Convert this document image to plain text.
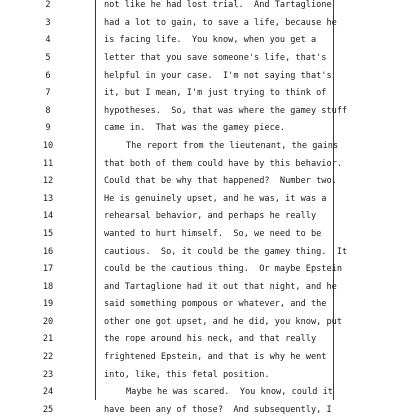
2	not like he had lost trial.  And Tartaglione
3	had a lot to gain, to save a life, because he
4	is facing life.  You know, when you get a
5	letter that you save someone's life, that's
6	helpful in your case.  I'm not saying that's
7	it, but I mean, I'm just trying to think of
8	hypotheses.  So, that was where the gamey stuff
9	came in.  That was the gamey piece.
10	The report from the lieutenant, the gains
11	that both of them could have by this behavior.
12	Could that be why that happened?  Number two.
13	He is genuinely upset, and he was, it was a
14	rehearsal behavior, and perhaps he really
15	wanted to hurt himself.  So, we need to be
16	cautious.  So, it could be the gamey thing.  It
17	could be the cautious thing.  Or maybe Epstein
18	and Tartaglione had it out that night, and he
19	said something pompous or whatever, and the
20	other one got upset, and he did, you know, put
21	the rope around his neck, and that really
22	frightened Epstein, and that is why he went
23	into, like, this fetal position.
24	Maybe he was scared.  You know, could it
25	have been any of those?  And subsequently, I
